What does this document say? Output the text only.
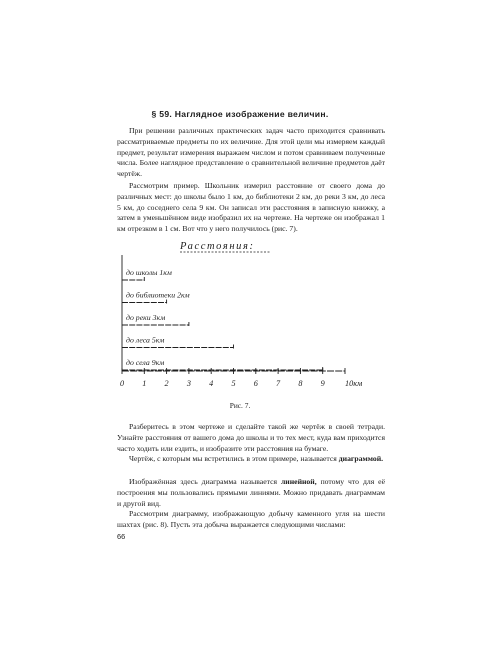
§ 59. Наглядное изображение величин.

При решении различных практических задач часто приходится сравнивать рассматриваемые предметы по их величине. Для этой цели мы измеряем каждый предмет, результат измерения выражаем числом и потом сравниваем полученные числа. Более наглядное представление о сравнительной величине предметов даёт чертёж.

Рассмотрим пример. Школьник измерил расстояние от своего дома до различных мест: до школы было 1 км, до библиотеки 2 км, до реки 3 км, до леса 5 км, до соседнего села 9 км. Он записал эти расстояния в записную книжку, а затем в уменьшённом виде изобразил их на чертеже. На чертеже он изображал 1 км отрезком в 1 см. Вот что у него получилось (рис. 7).

Расстояния:
до школы 1км
до библиотеки 2км
до реки 3км
до леса 5км
до села 9км
0 1 2 3 4 5 6 7 8 9 10км
Рис. 7.

Разберитесь в этом чертеже и сделайте такой же чертёж в своей тетради. Узнайте расстояния от вашего дома до школы и то тех мест, куда вам приходится часто ходить или ездить, и изобразите эти расстояния на бумаге.

Чертёж, с которым мы встретились в этом примере, называется диаграммой.

Изображённая здесь диаграмма называется линейной, потому что для её построения мы пользовались прямыми линиями. Можно придавать диаграммам и другой вид.

Рассмотрим диаграмму, изображающую добычу каменного угля на шести шахтах (рис. 8). Пусть эта добыча выражается следующими числами:

66
